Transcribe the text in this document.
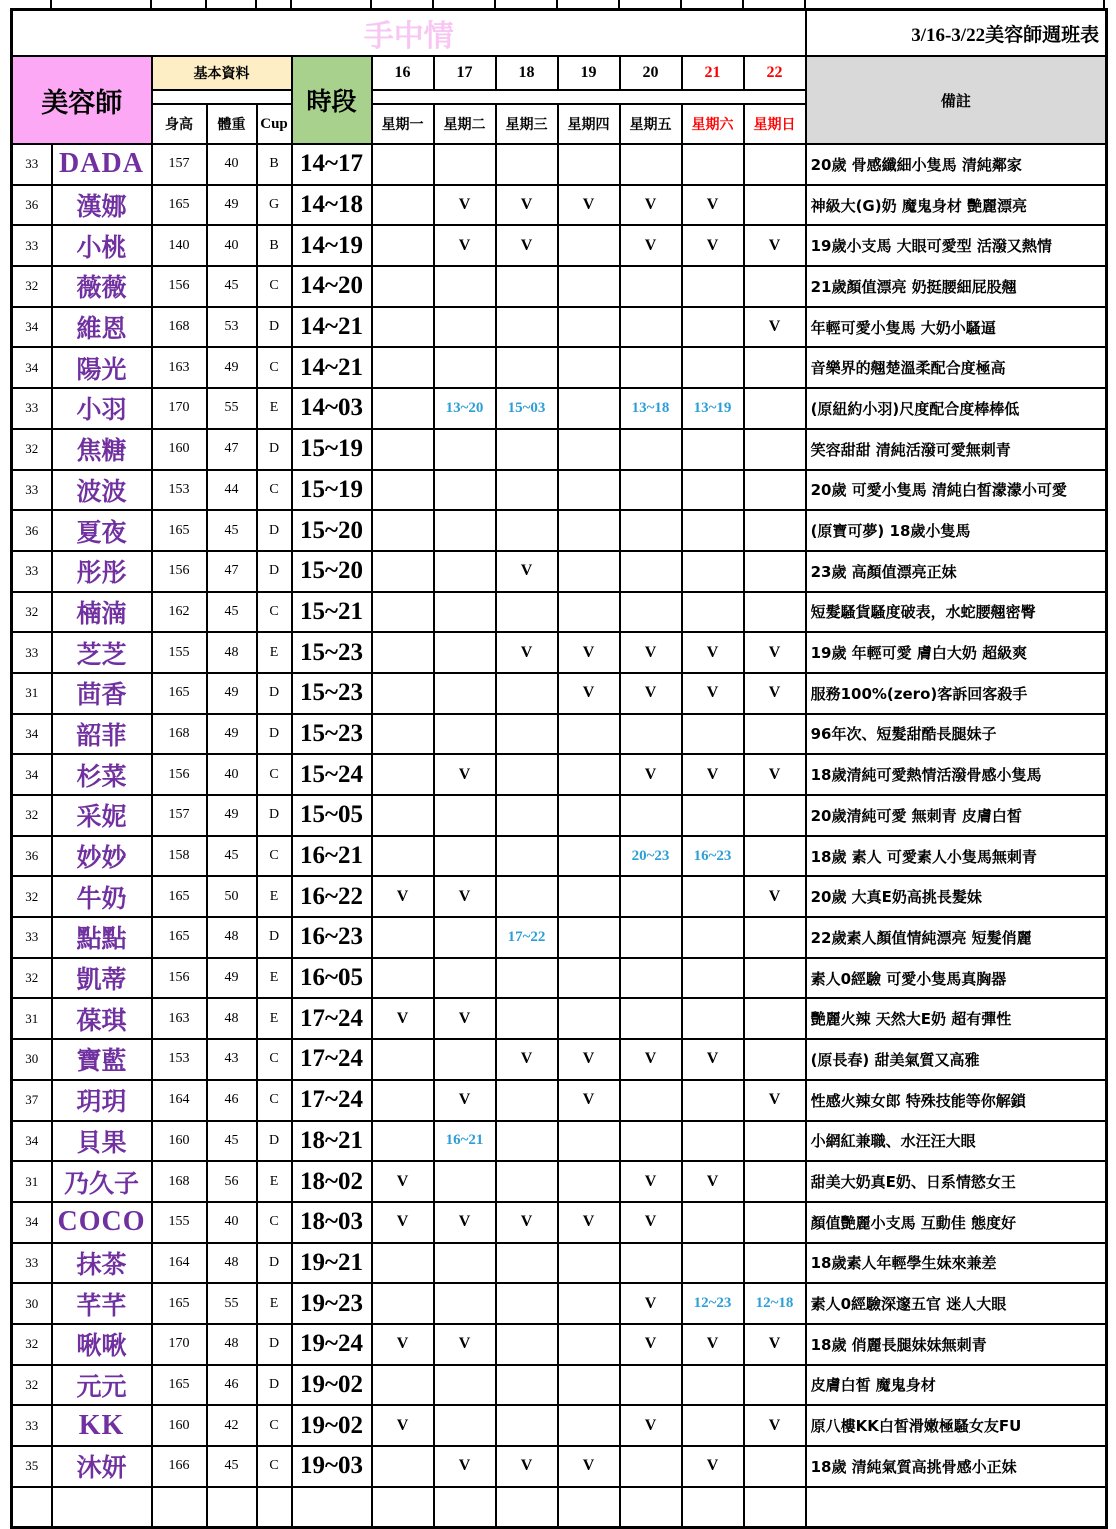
手中情													3/16-3/22美容師週班表
美容師		基本資料			時段	16	17	18	19	20	21	22	備註

		身高	體重	Cup		星期一	星期二	星期三	星期四	星期五	星期六	星期日	
33	DADA	157	40	B	14~17								20歲 骨感纖細小隻馬 清純鄰家
36	漢娜	165	49	G	14~18		V	V	V	V	V		神級大(G)奶 魔鬼身材 艷麗漂亮
33	小桃	140	40	B	14~19		V	V		V	V	V	19歲小支馬 大眼可愛型 活潑又熱情
32	薇薇	156	45	C	14~20								21歲顏值漂亮 奶挺腰細屁股翹
34	維恩	168	53	D	14~21							V	年輕可愛小隻馬 大奶小騷逼
34	陽光	163	49	C	14~21								音樂界的翹楚溫柔配合度極高
33	小羽	170	55	E	14~03		13~20	15~03		13~18	13~19		(原紐約小羽)尺度配合度棒棒低
32	焦糖	160	47	D	15~19								笑容甜甜 清純活潑可愛無刺青
33	波波	153	44	C	15~19								20歲 可愛小隻馬 清純白皙濛濛小可愛
36	夏夜	165	45	D	15~20								(原寶可夢) 18歲小隻馬
33	彤彤	156	47	D	15~20			V					23歲 高顏值漂亮正妹
32	楠湳	162	45	C	15~21								短髮騷貨騷度破表，水蛇腰翹密臀
33	芝芝	155	48	E	15~23			V	V	V	V	V	19歲 年輕可愛 膚白大奶 超級爽
31	茴香	165	49	D	15~23				V	V	V	V	服務100%(zero)客訴回客殺手
34	韶菲	168	49	D	15~23								96年次、短髮甜酷長腿妹子
34	杉菜	156	40	C	15~24		V			V	V	V	18歲清純可愛熱情活潑骨感小隻馬
32	采妮	157	49	D	15~05								20歲清純可愛 無刺青 皮膚白皙
36	妙妙	158	45	C	16~21					20~23	16~23		18歲 素人 可愛素人小隻馬無刺青
32	牛奶	165	50	E	16~22	V	V					V	20歲 大真E奶高挑長髮妹
33	點點	165	48	D	16~23			17~22					22歲素人顏值情純漂亮 短髮俏麗
32	凱蒂	156	49	E	16~05								素人0經驗 可愛小隻馬真胸器
31	葆琪	163	48	E	17~24	V	V						艷麗火辣 天然大E奶 超有彈性
30	寶藍	153	43	C	17~24			V	V	V	V		(原長春) 甜美氣質又高雅
37	玥玥	164	46	C	17~24		V		V			V	性感火辣女郎 特殊技能等你解鎖
34	貝果	160	45	D	18~21		16~21						小網紅兼職、水汪汪大眼
31	乃久子	168	56	E	18~02	V				V	V		甜美大奶真E奶、日系情慾女王
34	COCO	155	40	C	18~03	V	V	V	V	V			顏值艷麗小支馬 互動佳 態度好
33	抹茶	164	48	D	19~21								18歲素人年輕學生妹來兼差
30	芊芊	165	55	E	19~23					V	12~23	12~18	素人0經驗深邃五官 迷人大眼
32	啾啾	170	48	D	19~24	V	V			V	V	V	18歲 俏麗長腿妹妹無刺青
32	元元	165	46	D	19~02								皮膚白皙 魔鬼身材
33	KK	160	42	C	19~02	V				V		V	原八樓KK白皙滑嫩極騷女友FU
35	沐妍	166	45	C	19~03		V	V	V		V		18歲 清純氣質高挑骨感小正妹
